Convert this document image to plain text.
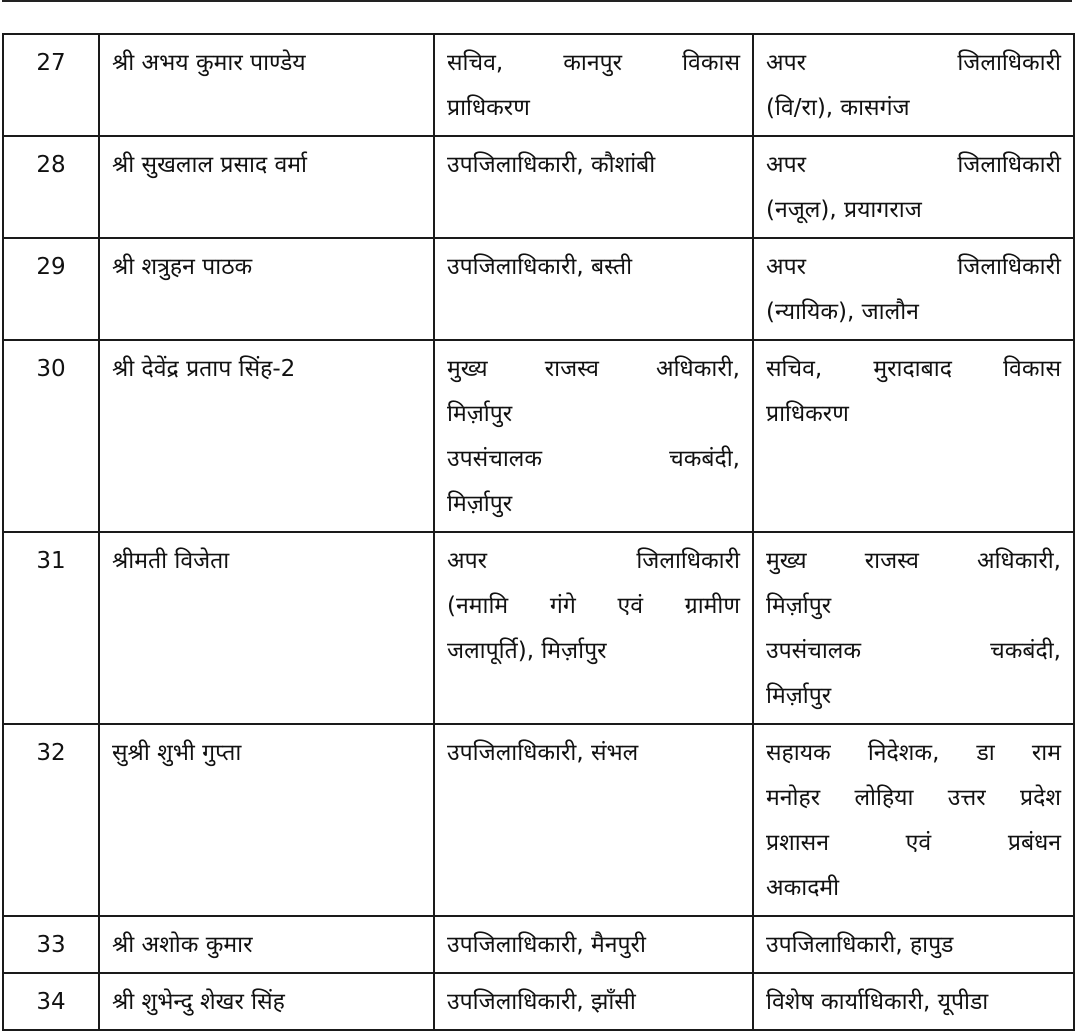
27	श्री अभय कुमार पाण्डेय	सचिव, कानपुर विकास
प्राधिकरण	अपर जिलाधिकारी
(वि/रा), कासगंज

28	श्री सुखलाल प्रसाद वर्मा	उपजिलाधिकारी, कौशांबी	अपर जिलाधिकारी
(नजूल), प्रयागराज

29	श्री शत्रुहन पाठक	उपजिलाधिकारी, बस्ती	अपर जिलाधिकारी
(न्यायिक), जालौन

30	श्री देवेंद्र प्रताप सिंह-2	मुख्य राजस्व अधिकारी,
मिर्ज़ापुर
उपसंचालक चकबंदी,
मिर्ज़ापुर	सचिव, मुरादाबाद विकास
प्राधिकरण

31	श्रीमती विजेता	अपर जिलाधिकारी
(नमामि गंगे एवं ग्रामीण
जलापूर्ति), मिर्ज़ापुर	मुख्य राजस्व अधिकारी,
मिर्ज़ापुर
उपसंचालक चकबंदी,
मिर्ज़ापुर

32	सुश्री शुभी गुप्ता	उपजिलाधिकारी, संभल	सहायक निदेशक, डा राम
मनोहर लोहिया उत्तर प्रदेश
प्रशासन एवं प्रबंधन
अकादमी

33	श्री अशोक कुमार	उपजिलाधिकारी, मैनपुरी	उपजिलाधिकारी, हापुड

34	श्री शुभेन्दु शेखर सिंह	उपजिलाधिकारी, झाँसी	विशेष कार्याधिकारी, यूपीडा
